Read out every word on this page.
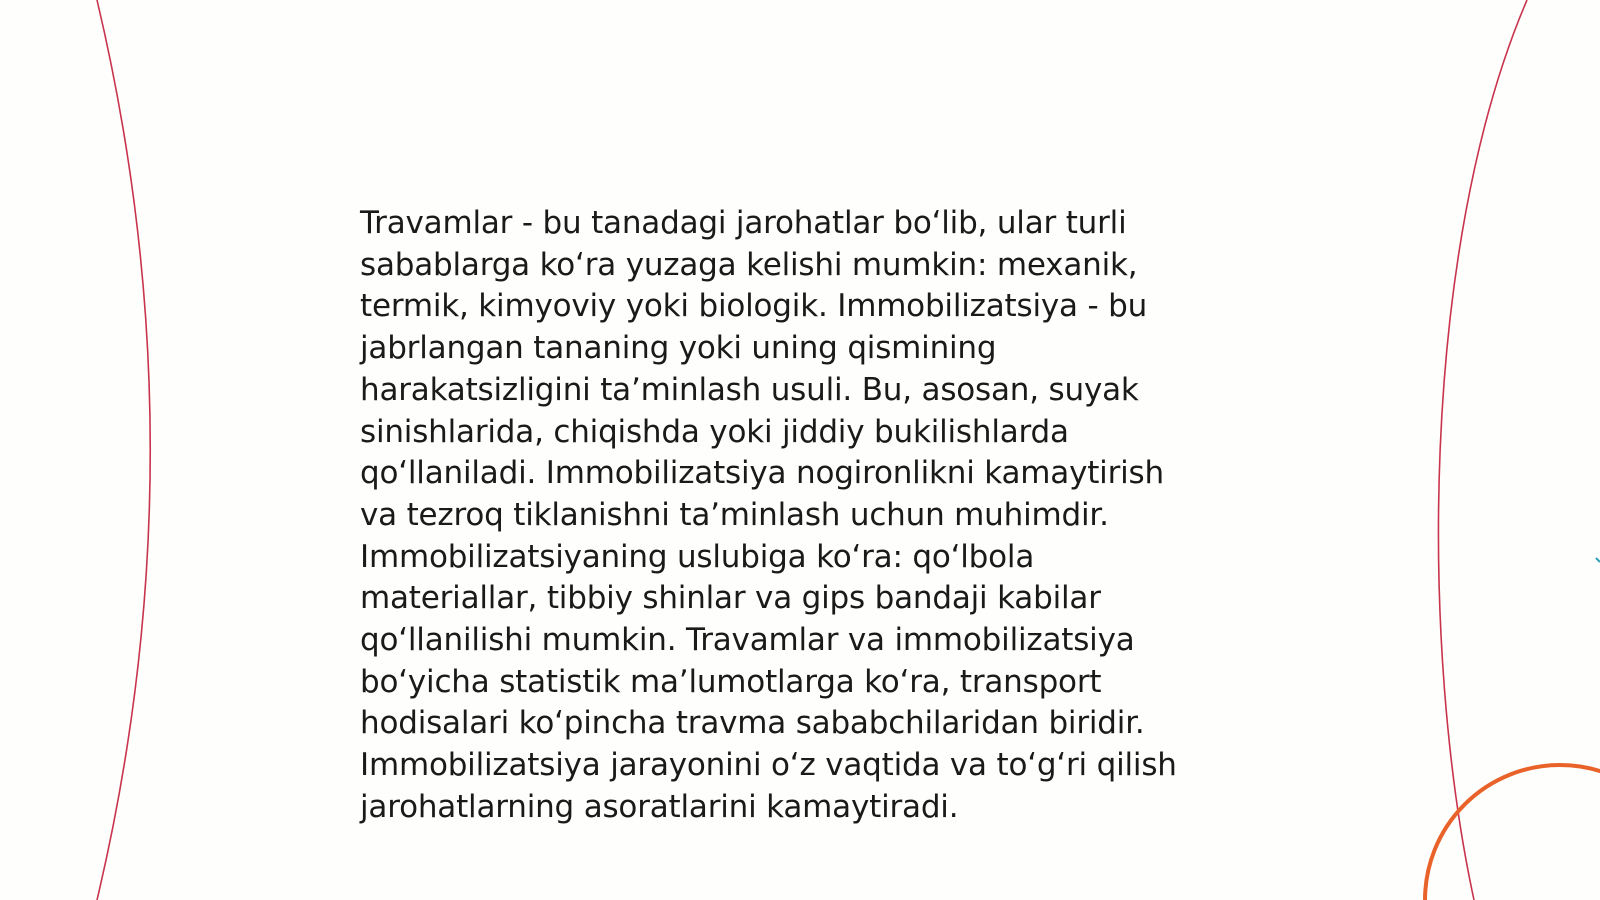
Travamlar - bu tanadagi jarohatlar bo‘lib, ular turli
sabablarga ko‘ra yuzaga kelishi mumkin: mexanik,
termik, kimyoviy yoki biologik. Immobilizatsiya - bu
jabrlangan tananing yoki uning qismining
harakatsizligini ta’minlash usuli. Bu, asosan, suyak
sinishlarida, chiqishda yoki jiddiy bukilishlarda
qo‘llaniladi. Immobilizatsiya nogironlikni kamaytirish
va tezroq tiklanishni ta’minlash uchun muhimdir.
Immobilizatsiyaning uslubiga ko‘ra: qo‘lbola
materiallar, tibbiy shinlar va gips bandaji kabilar
qo‘llanilishi mumkin. Travamlar va immobilizatsiya
bo‘yicha statistik ma’lumotlarga ko‘ra, transport
hodisalari ko‘pincha travma sababchilaridan biridir.
Immobilizatsiya jarayonini o‘z vaqtida va to‘g‘ri qilish
jarohatlarning asoratlarini kamaytiradi.
